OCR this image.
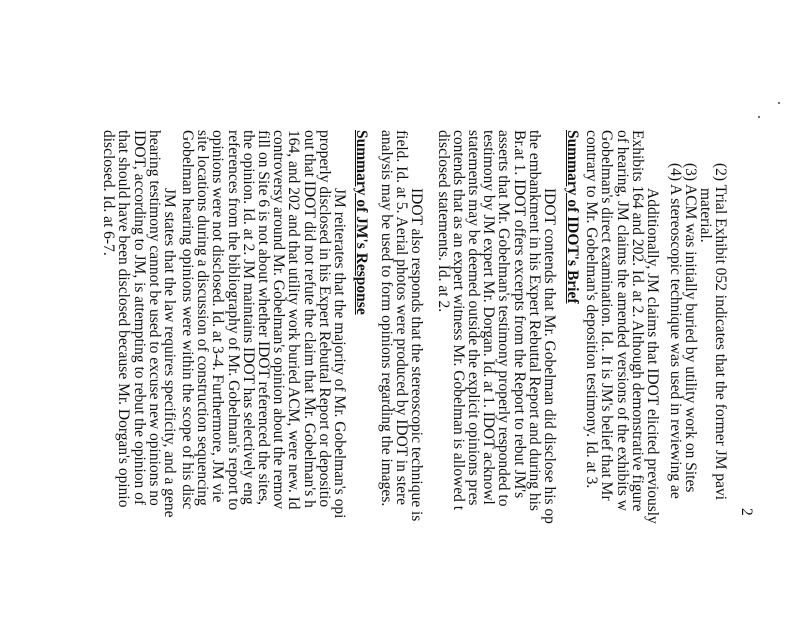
2
(2) Trial Exhibit 052 indicates that the former JM pavi
material.
(3) ACM was initially buried by utility work on Sites
(4) A stereoscopic technique was used in reviewing ae
Additionally, JM claims that IDOT elicited previously
Exhibits 164 and 202. Id. at 2. Although demonstrative figure
of hearing, JM claims the amended versions of the exhibits w
Gobelman's direct examination. Id.. It is JM's belief that Mr
contrary to Mr. Gobelman's deposition testimony. Id. at 3.
Summary of IDOT's Brief
IDOT contends that Mr. Gobelman did disclose his op
the embankment in his Expert Rebuttal Report and during his
Br.at 1. IDOT offers excerpts from the Report to rebut JM's
asserts that Mr. Gobelman's testimony properly responded to
testimony by JM expert Mr. Dorgan. Id. at 1. IDOT acknowl
statements may be deemed outside the explicit opinions pres
contends that as an expert witness Mr. Gobelman is allowed t
disclosed statements. Id. at 2.
IDOT also responds that the stereoscopic technique is
field. Id. at 5. Aerial photos were produced by IDOT in stere
analysis may be used to form opinions regarding the images.
Summary of JM's Response
JM reiterates that the majority of Mr. Gobelman's opi
properly disclosed in his Expert Rebuttal Report or depositio
out that IDOT did not refute the claim that Mr. Gobelman's h
164, and 202 and that utility work buried ACM, were new. Id
controversy around Mr. Gobelman's opinion about the remov
fill on Site 6 is not about whether IDOT referenced the sites,
the opinion. Id. at 2. JM maintains IDOT has selectively eng
references from the bibliography of Mr. Gobelman's report to
opinions were not disclosed. Id. at 3-4. Furthermore, JM vie
site locations during a discussion of construction sequencing
Gobelman hearing opinions were within the scope of his disc
JM states that the law requires specificity, and a gene
hearing testimony cannot be used to excuse new opinions no
IDOT, according to JM, is attempting to rebut the opinion of
that should have been disclosed because Mr. Dorgan's opinio
disclosed. Id. at 6-7.
